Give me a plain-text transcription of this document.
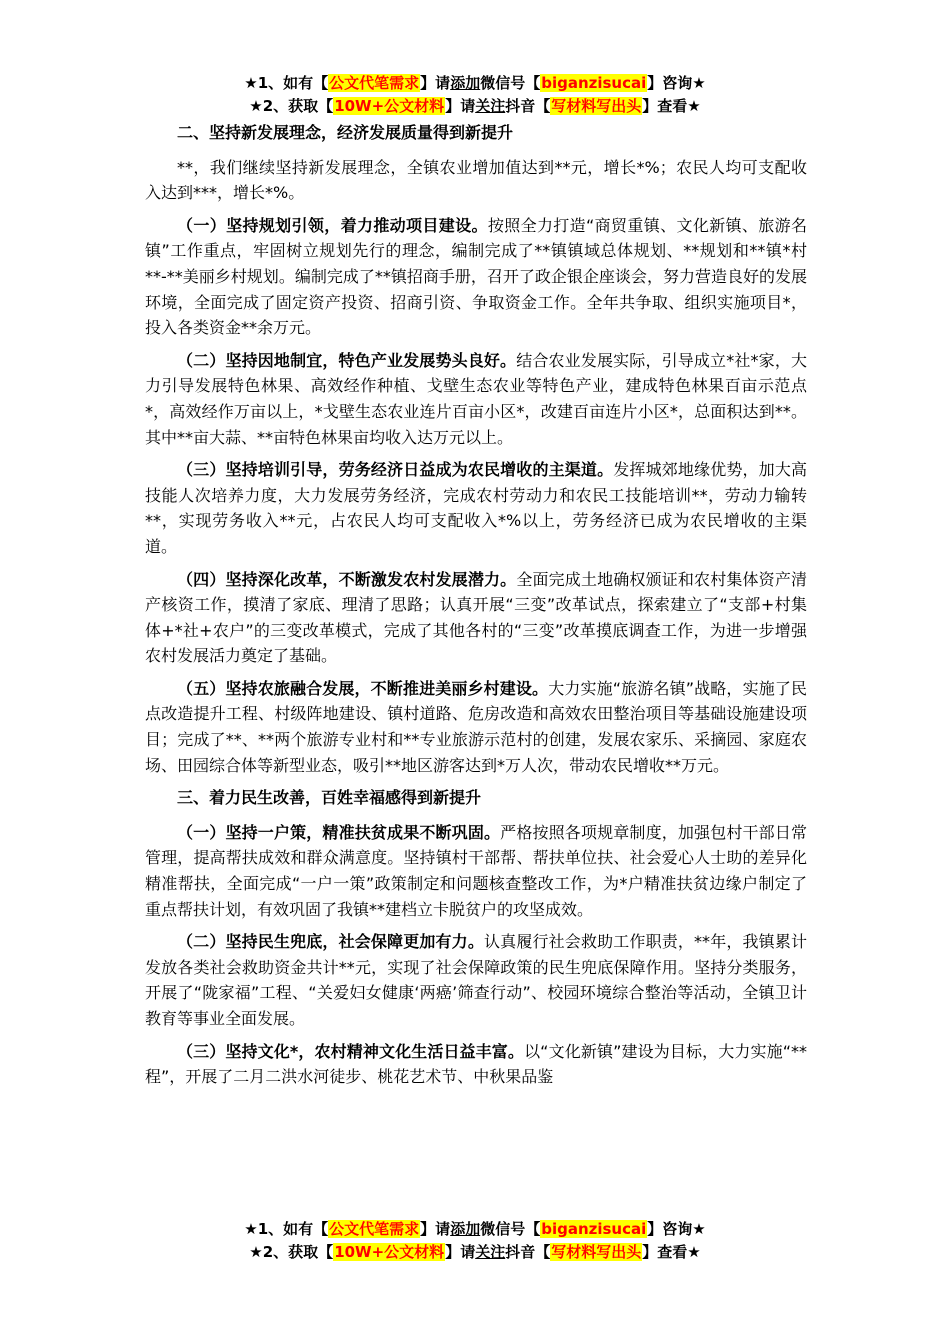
★1、如有【公文代笔需求】请添加微信号【biganzisucai】咨询★
★2、获取【10W+公文材料】请关注抖音【写材料写出头】查看★

二、坚持新发展理念，经济发展质量得到新提升

**，我们继续坚持新发展理念，全镇农业增加值达到**元，增长*%；农民人均可支配收入达到***，增长*%。

（一）坚持规划引领，着力推动项目建设。按照全力打造“商贸重镇、文化新镇、旅游名镇”工作重点，牢固树立规划先行的理念，编制完成了**镇镇域总体规划、**规划和**镇*村**-**美丽乡村规划。编制完成了**镇招商手册，召开了政企银企座谈会，努力营造良好的发展环境，全面完成了固定资产投资、招商引资、争取资金工作。全年共争取、组织实施项目*，投入各类资金**余万元。

（二）坚持因地制宜，特色产业发展势头良好。结合农业发展实际，引导成立*社*家，大力引导发展特色林果、高效经作种植、戈壁生态农业等特色产业，建成特色林果百亩示范点*，高效经作万亩以上，*戈壁生态农业连片百亩小区*，改建百亩连片小区*，总面积达到**。其中**亩大蒜、**亩特色林果亩均收入达万元以上。

（三）坚持培训引导，劳务经济日益成为农民增收的主渠道。发挥城郊地缘优势，加大高技能人次培养力度，大力发展劳务经济，完成农村劳动力和农民工技能培训**，劳动力输转**，实现劳务收入**元，占农民人均可支配收入*%以上，劳务经济已成为农民增收的主渠道。

（四）坚持深化改革，不断激发农村发展潜力。全面完成土地确权颁证和农村集体资产清产核资工作，摸清了家底、理清了思路；认真开展“三变”改革试点，探索建立了“支部+村集体+*社+农户”的三变改革模式，完成了其他各村的“三变”改革摸底调查工作，为进一步增强农村发展活力奠定了基础。

（五）坚持农旅融合发展，不断推进美丽乡村建设。大力实施“旅游名镇”战略，实施了民点改造提升工程、村级阵地建设、镇村道路、危房改造和高效农田整治项目等基础设施建设项目；完成了**、**两个旅游专业村和**专业旅游示范村的创建，发展农家乐、采摘园、家庭农场、田园综合体等新型业态，吸引**地区游客达到*万人次，带动农民增收**万元。

三、着力民生改善，百姓幸福感得到新提升

（一）坚持一户策，精准扶贫成果不断巩固。严格按照各项规章制度，加强包村干部日常管理，提高帮扶成效和群众满意度。坚持镇村干部帮、帮扶单位扶、社会爱心人士助的差异化精准帮扶，全面完成“一户一策”政策制定和问题核查整改工作，为*户精准扶贫边缘户制定了重点帮扶计划，有效巩固了我镇**建档立卡脱贫户的攻坚成效。

（二）坚持民生兜底，社会保障更加有力。认真履行社会救助工作职责，**年，我镇累计发放各类社会救助资金共计**元，实现了社会保障政策的民生兜底保障作用。坚持分类服务，开展了“陇家福”工程、“关爱妇女健康‘两癌’筛查行动”、校园环境综合整治等活动，全镇卫计教育等事业全面发展。

（三）坚持文化*，农村精神文化生活日益丰富。以“文化新镇”建设为目标，大力实施“**程”，开展了二月二洪水河徒步、桃花艺术节、中秋果品鉴

★1、如有【公文代笔需求】请添加微信号【biganzisucai】咨询★
★2、获取【10W+公文材料】请关注抖音【写材料写出头】查看★
